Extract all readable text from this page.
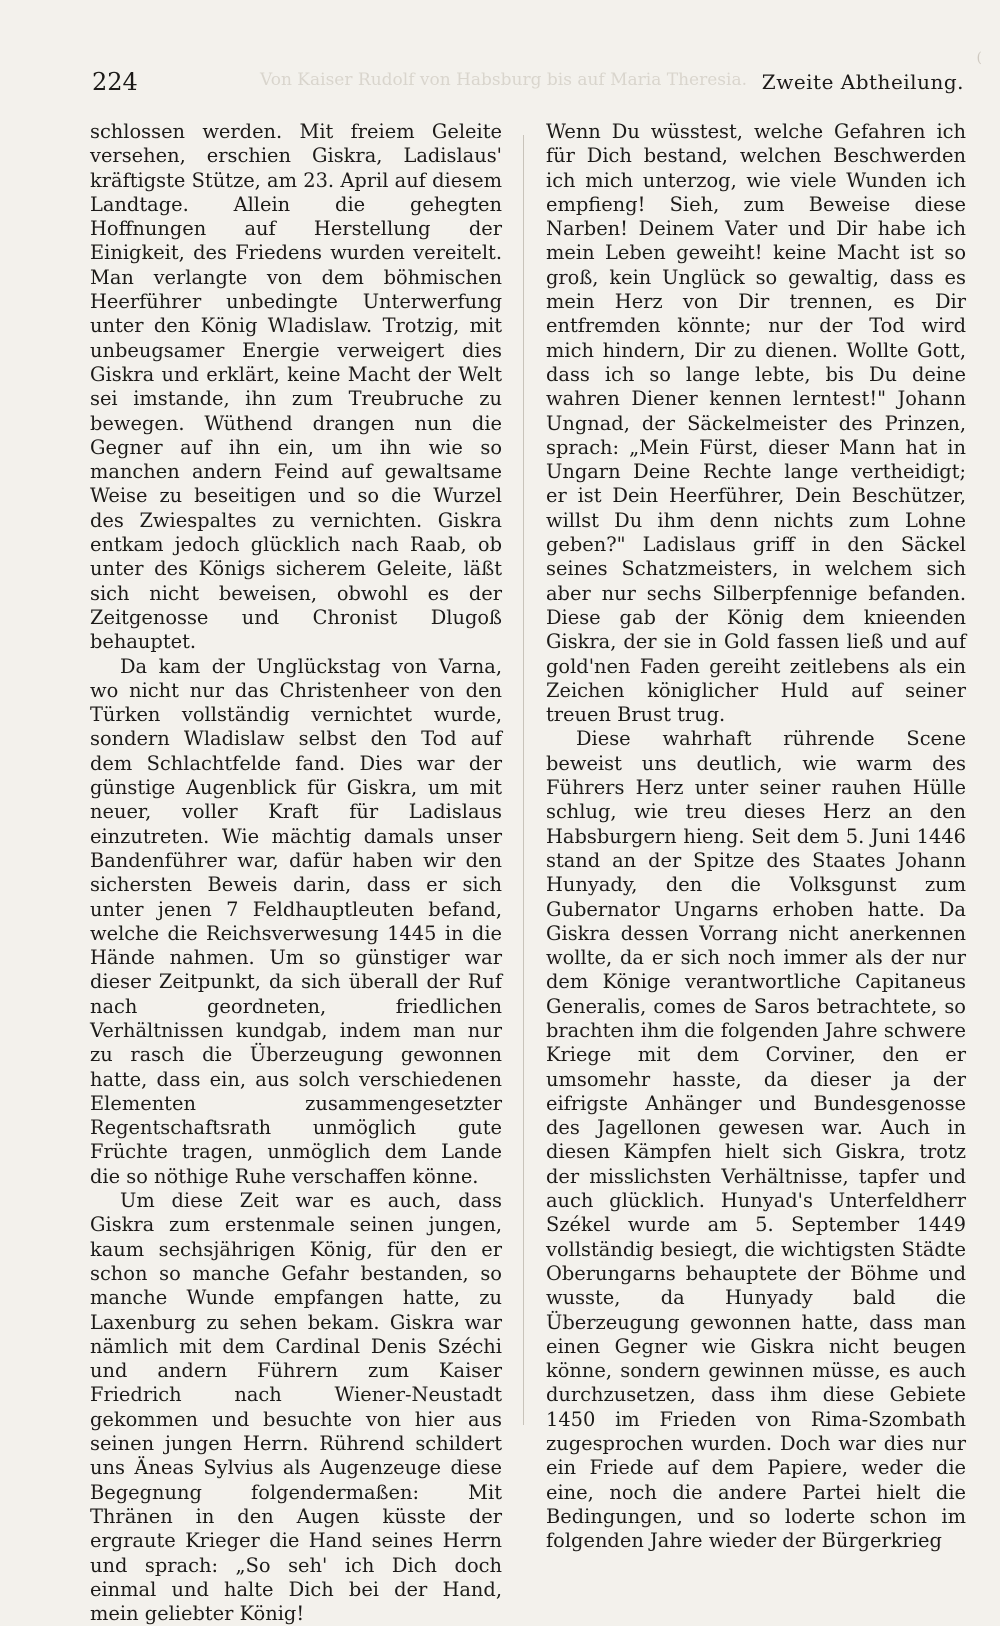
(
Von Kaiser Rudolf von Habsburg bis auf Maria Theresia.
224	Zweite Abtheilung.

schlossen werden. Mit freiem Geleite versehen, erschien Giskra, Ladislaus' kräftigste Stütze, am 23. April auf diesem Landtage. Allein die gehegten Hoffnungen auf Herstellung der Einigkeit, des Friedens wurden vereitelt. Man verlangte von dem böhmischen Heerführer unbedingte Unterwerfung unter den König Wladislaw. Trotzig, mit unbeugsamer Energie verweigert dies Giskra und erklärt, keine Macht der Welt sei imstande, ihn zum Treubruche zu bewegen. Wüthend drangen nun die Gegner auf ihn ein, um ihn wie so manchen andern Feind auf gewaltsame Weise zu beseitigen und so die Wurzel des Zwiespaltes zu vernichten. Giskra entkam jedoch glücklich nach Raab, ob unter des Königs sicherem Geleite, läßt sich nicht beweisen, obwohl es der Zeitgenosse und Chronist Dlugoß behauptet.

Da kam der Unglückstag von Varna, wo nicht nur das Christenheer von den Türken vollständig vernichtet wurde, sondern Wladislaw selbst den Tod auf dem Schlachtfelde fand. Dies war der günstige Augenblick für Giskra, um mit neuer, voller Kraft für Ladislaus einzutreten. Wie mächtig damals unser Bandenführer war, dafür haben wir den sichersten Beweis darin, dass er sich unter jenen 7 Feldhauptleuten befand, welche die Reichsverwesung 1445 in die Hände nahmen. Um so günstiger war dieser Zeitpunkt, da sich überall der Ruf nach geordneten, friedlichen Verhältnissen kundgab, indem man nur zu rasch die Überzeugung gewonnen hatte, dass ein, aus solch verschiedenen Elementen zusammengesetzter Regentschaftsrath unmöglich gute Früchte tragen, unmöglich dem Lande die so nöthige Ruhe verschaffen könne.

Um diese Zeit war es auch, dass Giskra zum erstenmale seinen jungen, kaum sechsjährigen König, für den er schon so manche Gefahr bestanden, so manche Wunde empfangen hatte, zu Laxenburg zu sehen bekam. Giskra war nämlich mit dem Cardinal Denis Széchi und andern Führern zum Kaiser Friedrich nach Wiener-Neustadt gekommen und besuchte von hier aus seinen jungen Herrn. Rührend schildert uns Äneas Sylvius als Augenzeuge diese Begegnung folgendermaßen: Mit Thränen in den Augen küsste der ergraute Krieger die Hand seines Herrn und sprach: „So seh' ich Dich doch einmal und halte Dich bei der Hand, mein geliebter König!

Wenn Du wüsstest, welche Gefahren ich für Dich bestand, welchen Beschwerden ich mich unterzog, wie viele Wunden ich empfieng! Sieh, zum Beweise diese Narben! Deinem Vater und Dir habe ich mein Leben geweiht! keine Macht ist so groß, kein Unglück so gewaltig, dass es mein Herz von Dir trennen, es Dir entfremden könnte; nur der Tod wird mich hindern, Dir zu dienen. Wollte Gott, dass ich so lange lebte, bis Du deine wahren Diener kennen lerntest!" Johann Ungnad, der Säckelmeister des Prinzen, sprach: „Mein Fürst, dieser Mann hat in Ungarn Deine Rechte lange vertheidigt; er ist Dein Heerführer, Dein Beschützer, willst Du ihm denn nichts zum Lohne geben?" Ladislaus griff in den Säckel seines Schatzmeisters, in welchem sich aber nur sechs Silberpfennige befanden. Diese gab der König dem knieenden Giskra, der sie in Gold fassen ließ und auf gold'nen Faden gereiht zeitlebens als ein Zeichen königlicher Huld auf seiner treuen Brust trug.

Diese wahrhaft rührende Scene beweist uns deutlich, wie warm des Führers Herz unter seiner rauhen Hülle schlug, wie treu dieses Herz an den Habsburgern hieng. Seit dem 5. Juni 1446 stand an der Spitze des Staates Johann Hunyady, den die Volksgunst zum Gubernator Ungarns erhoben hatte. Da Giskra dessen Vorrang nicht anerkennen wollte, da er sich noch immer als der nur dem Könige verantwortliche Capitaneus Generalis, comes de Saros betrachtete, so brachten ihm die folgenden Jahre schwere Kriege mit dem Corviner, den er umsomehr hasste, da dieser ja der eifrigste Anhänger und Bundesgenosse des Jagellonen gewesen war. Auch in diesen Kämpfen hielt sich Giskra, trotz der misslichsten Verhältnisse, tapfer und auch glücklich. Hunyad's Unterfeldherr Székel wurde am 5. September 1449 vollständig besiegt, die wichtigsten Städte Oberungarns behauptete der Böhme und wusste, da Hunyady bald die Überzeugung gewonnen hatte, dass man einen Gegner wie Giskra nicht beugen könne, sondern gewinnen müsse, es auch durchzusetzen, dass ihm diese Gebiete 1450 im Frieden von Rima-Szombath zugesprochen wurden. Doch war dies nur ein Friede auf dem Papiere, weder die eine, noch die andere Partei hielt die Bedingungen, und so loderte schon im folgenden Jahre wieder der Bürgerkrieg
